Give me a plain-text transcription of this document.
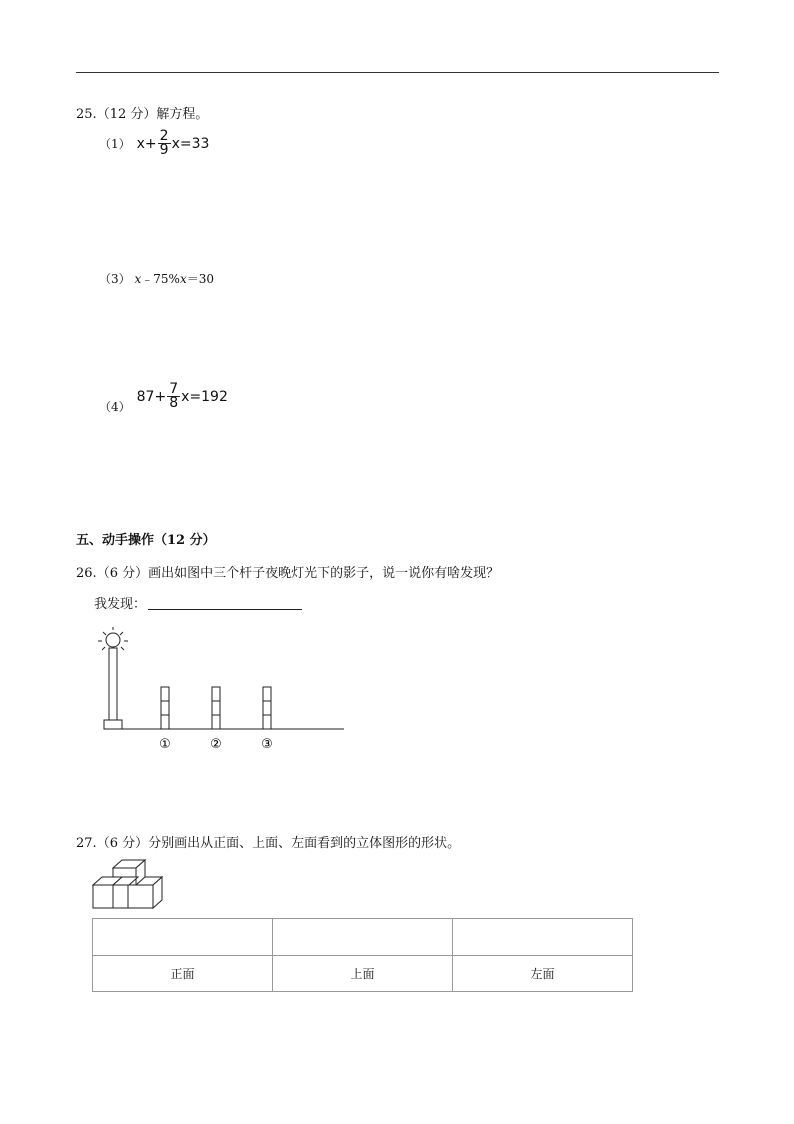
25.（12 分）解方程。
（1） $x+ \frac{2}{9} x=33$
（3） x﹣75%x＝30
（4）
$87+ \frac{7}{8} x=192$
五、动手操作（12 分）
26.（6 分）画出如图中三个杆子夜晚灯光下的影子，说一说你有啥发现？
我发现：
①	②	③
27.（6 分）分别画出从正面、上面、左面看到的立体图形的形状。

正面	上面	左面
